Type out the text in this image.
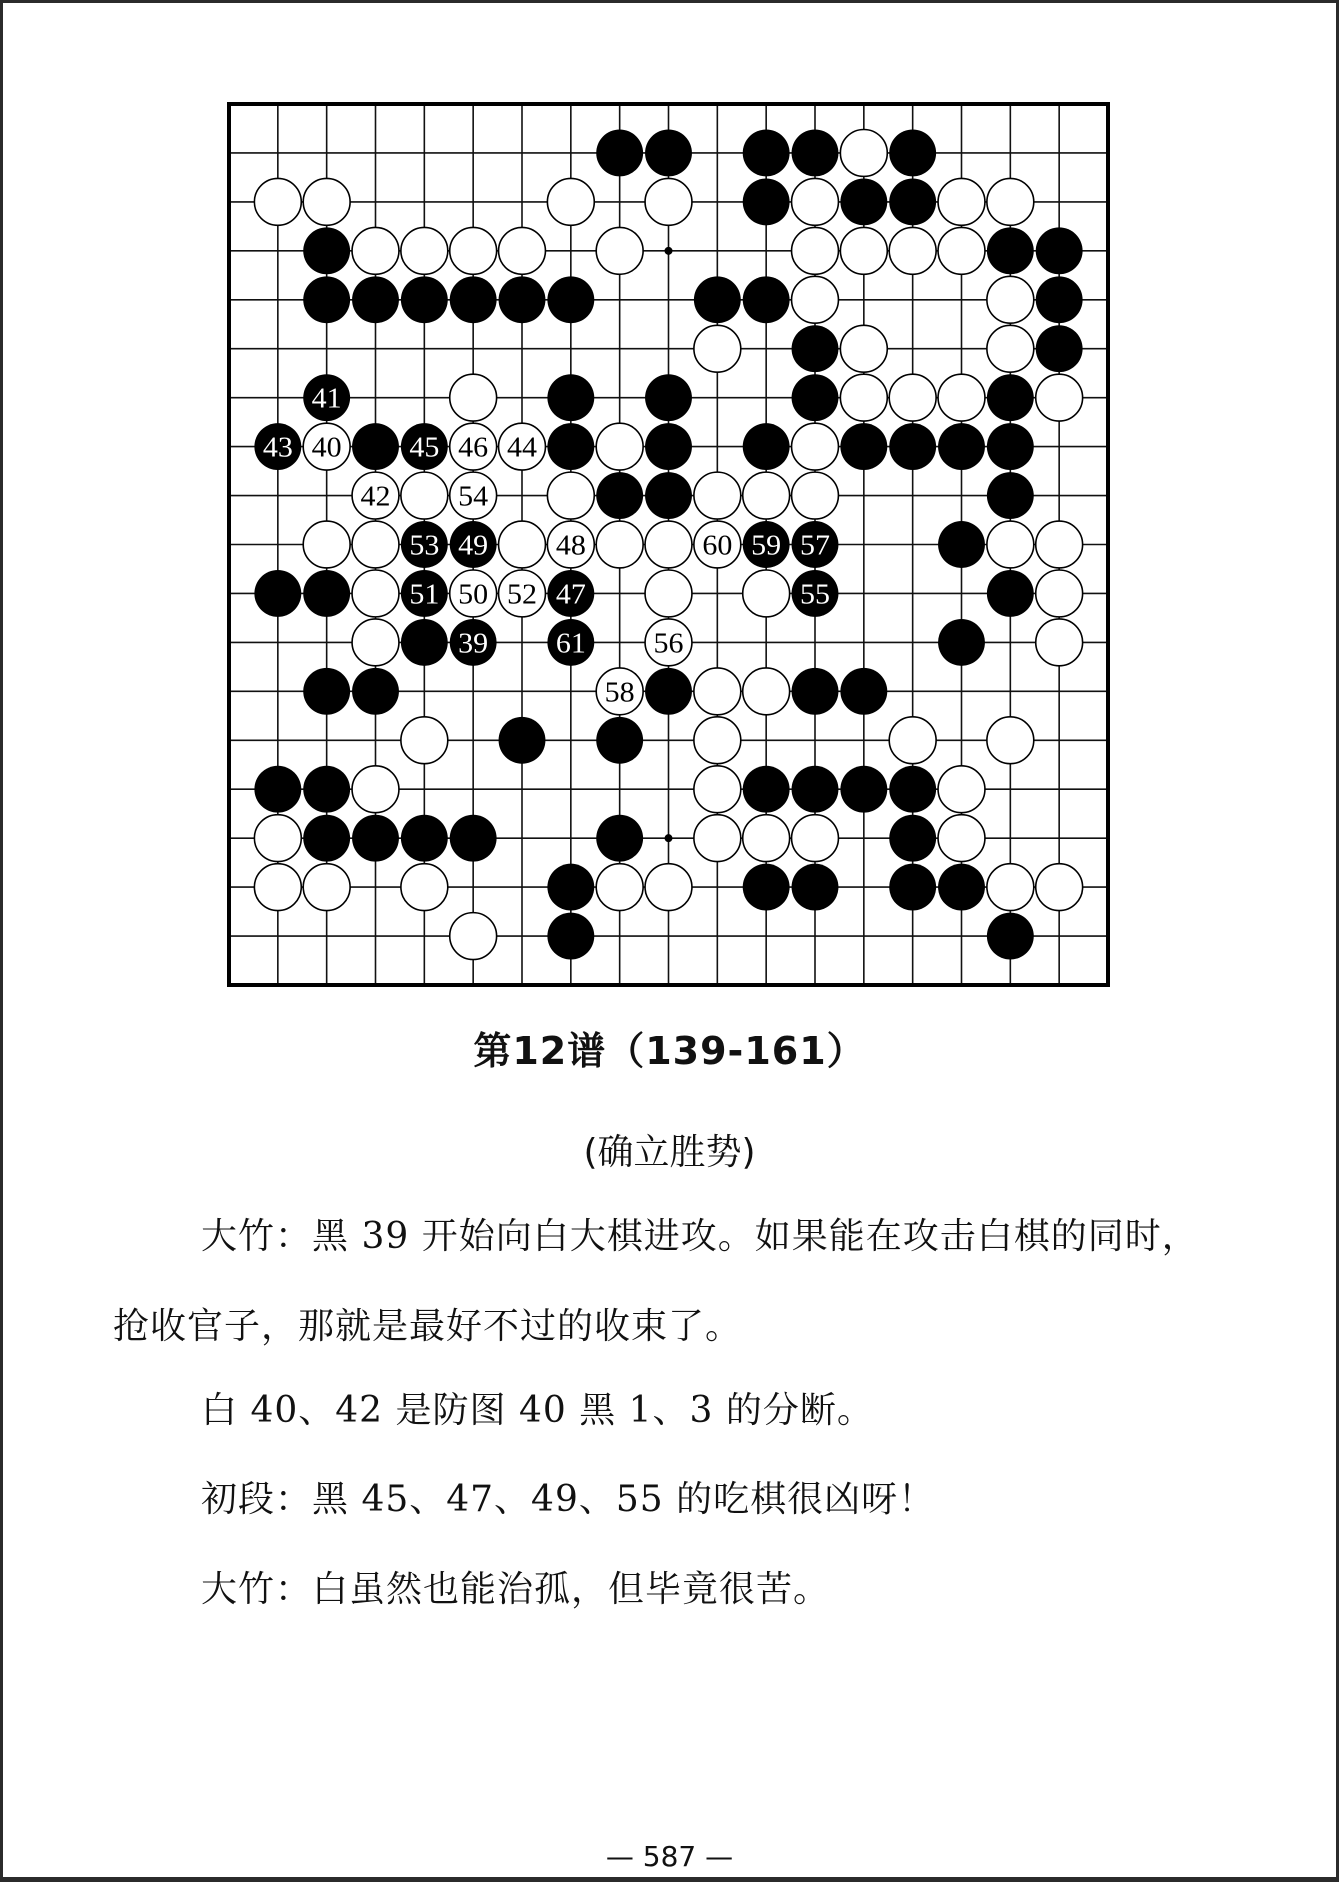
41
43 40 45 46 44
42 54
53 49 48	60 59 57
51 50 52 47	55
39 61 56
58
第12谱（139-161）
(确立胜势)
大竹：黑 39 开始向白大棋进攻。如果能在攻击白棋的同时，抢收官子，那就是最好不过的收束了。
白 40、42 是防图 40 黑 1、3 的分断。
初段：黑 45、47、49、55 的吃棋很凶呀！
大竹：白虽然也能治孤，但毕竟很苦。
— 587 —
